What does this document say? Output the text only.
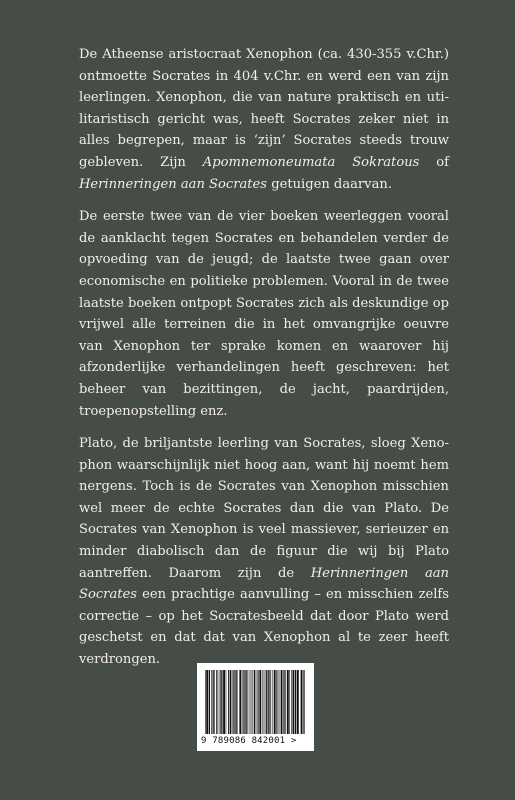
De Atheense aristocraat Xenophon (ca. 430-355 v.Chr.) ontmoette Socrates in 404 v.Chr. en werd een van zijn leerlingen. Xenophon, die van nature praktisch en utilitaristisch gericht was, heeft Socrates zeker niet in alles begrepen, maar is ‘zijn’ Socrates steeds trouw gebleven. Zijn Apomnemoneumata Sokratous of Herinneringen aan Socrates getuigen daarvan.

De eerste twee van de vier boeken weerleggen vooral de aanklacht tegen Socrates en behandelen verder de opvoeding van de jeugd; de laatste twee gaan over economische en politieke problemen. Vooral in de twee laatste boeken ontpopt Socrates zich als deskundige op vrijwel alle terreinen die in het omvangrijke oeuvre van Xenophon ter sprake komen en waarover hij afzonderlijke verhandelingen heeft geschreven: het beheer van bezittingen, de jacht, paardrijden, troepenopstelling enz.

Plato, de briljantste leerling van Socrates, sloeg Xenophon waarschijnlijk niet hoog aan, want hij noemt hem nergens. Toch is de Socrates van Xenophon misschien wel meer de echte Socrates dan die van Plato. De Socrates van Xenophon is veel massiever, serieuzer en minder diabolisch dan de figuur die wij bij Plato aantreffen. Daarom zijn de Herinneringen aan Socrates een prachtige aanvulling – en misschien zelfs correctie – op het Socratesbeeld dat door Plato werd geschetst en dat dat van Xenophon al te zeer heeft verdrongen.

9 789086 842001 >
